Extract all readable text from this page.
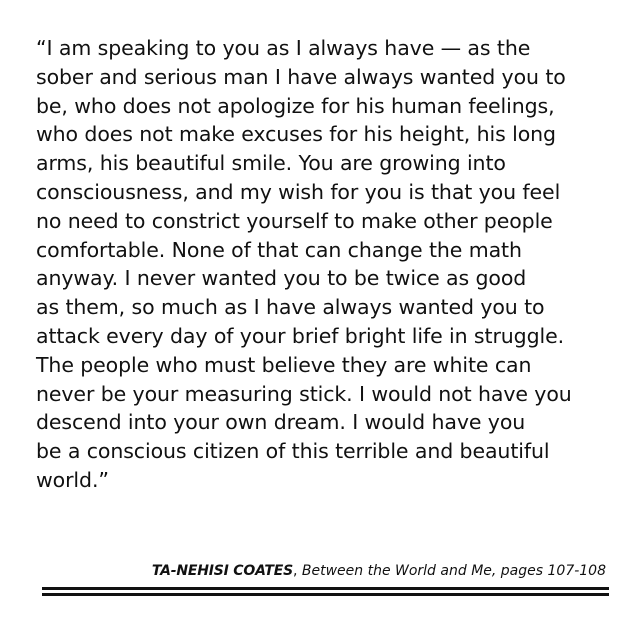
“I am speaking to you as I always have — as the
sober and serious man I have always wanted you to
be, who does not apologize for his human feelings,
who does not make excuses for his height, his long
arms, his beautiful smile. You are growing into
consciousness, and my wish for you is that you feel
no need to constrict yourself to make other people
comfortable. None of that can change the math
anyway. I never wanted you to be twice as good
as them, so much as I have always wanted you to
attack every day of your brief bright life in struggle.
The people who must believe they are white can
never be your measuring stick. I would not have you
descend into your own dream. I would have you
be a conscious citizen of this terrible and beautiful
world.”

TA-NEHISI COATES, Between the World and Me, pages 107-108
